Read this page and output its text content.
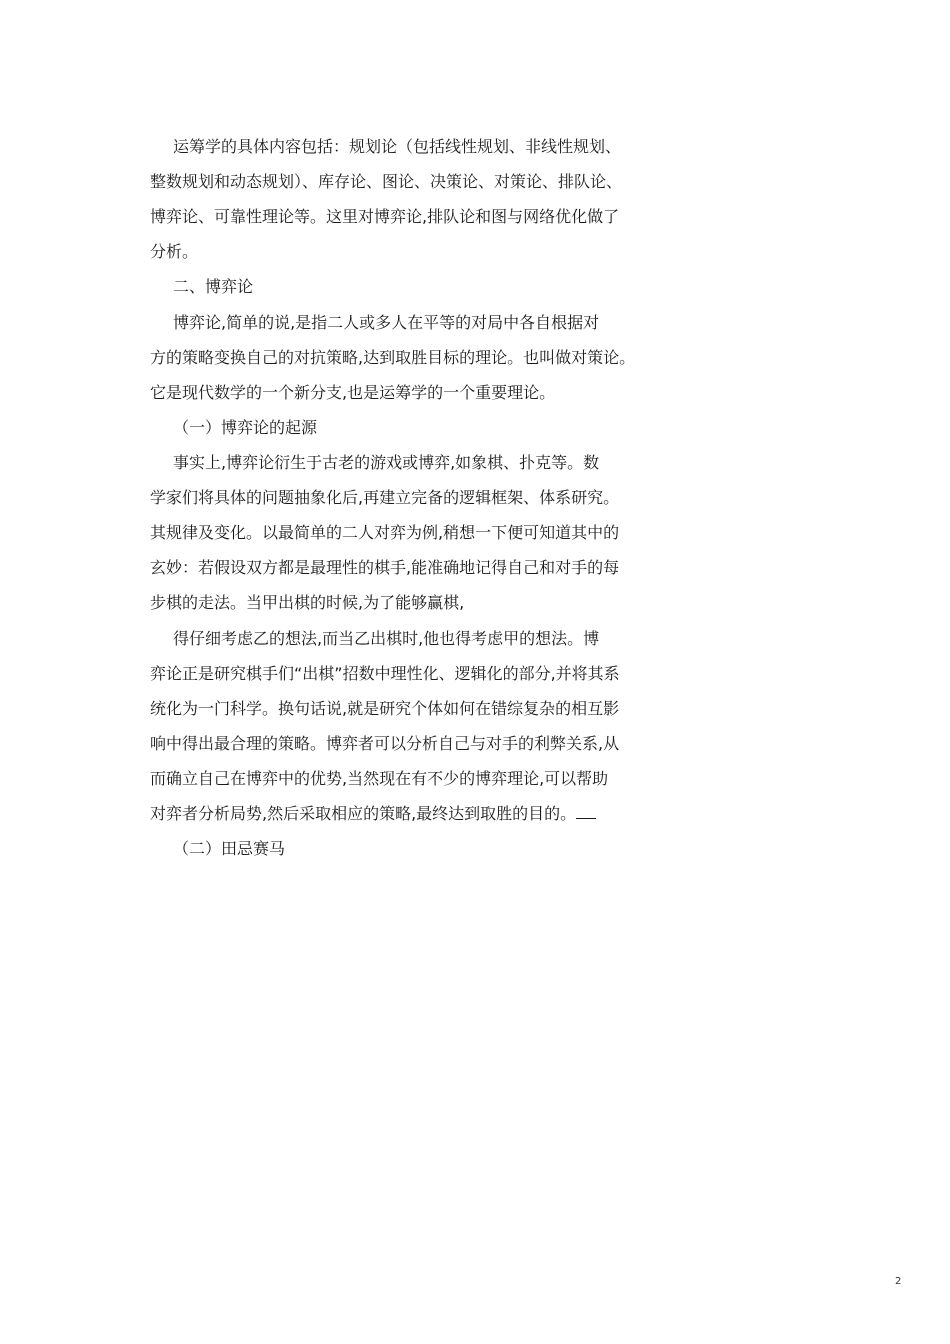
运筹学的具体内容包括：规划论（包括线性规划、非线性规划、
整数规划和动态规划）、库存论、图论、决策论、对策论、排队论、
博弈论、可靠性理论等。这里对博弈论,排队论和图与网络优化做了
分析。
二、博弈论
博弈论,简单的说,是指二人或多人在平等的对局中各自根据对
方的策略变换自己的对抗策略,达到取胜目标的理论。也叫做对策论。
它是现代数学的一个新分支,也是运筹学的一个重要理论。
（一）博弈论的起源
事实上,博弈论衍生于古老的游戏或博弈,如象棋、扑克等。数
学家们将具体的问题抽象化后,再建立完备的逻辑框架、体系研究。
其规律及变化。以最简单的二人对弈为例,稍想一下便可知道其中的
玄妙：若假设双方都是最理性的棋手,能准确地记得自己和对手的每
步棋的走法。当甲出棋的时候,为了能够赢棋,
得仔细考虑乙的想法,而当乙出棋时,他也得考虑甲的想法。博
弈论正是研究棋手们“出棋”招数中理性化、逻辑化的部分,并将其系
统化为一门科学。换句话说,就是研究个体如何在错综复杂的相互影
响中得出最合理的策略。博弈者可以分析自己与对手的利弊关系,从
而确立自己在博弈中的优势,当然现在有不少的博弈理论,可以帮助
对弈者分析局势,然后采取相应的策略,最终达到取胜的目的。
（二）田忌赛马
2
